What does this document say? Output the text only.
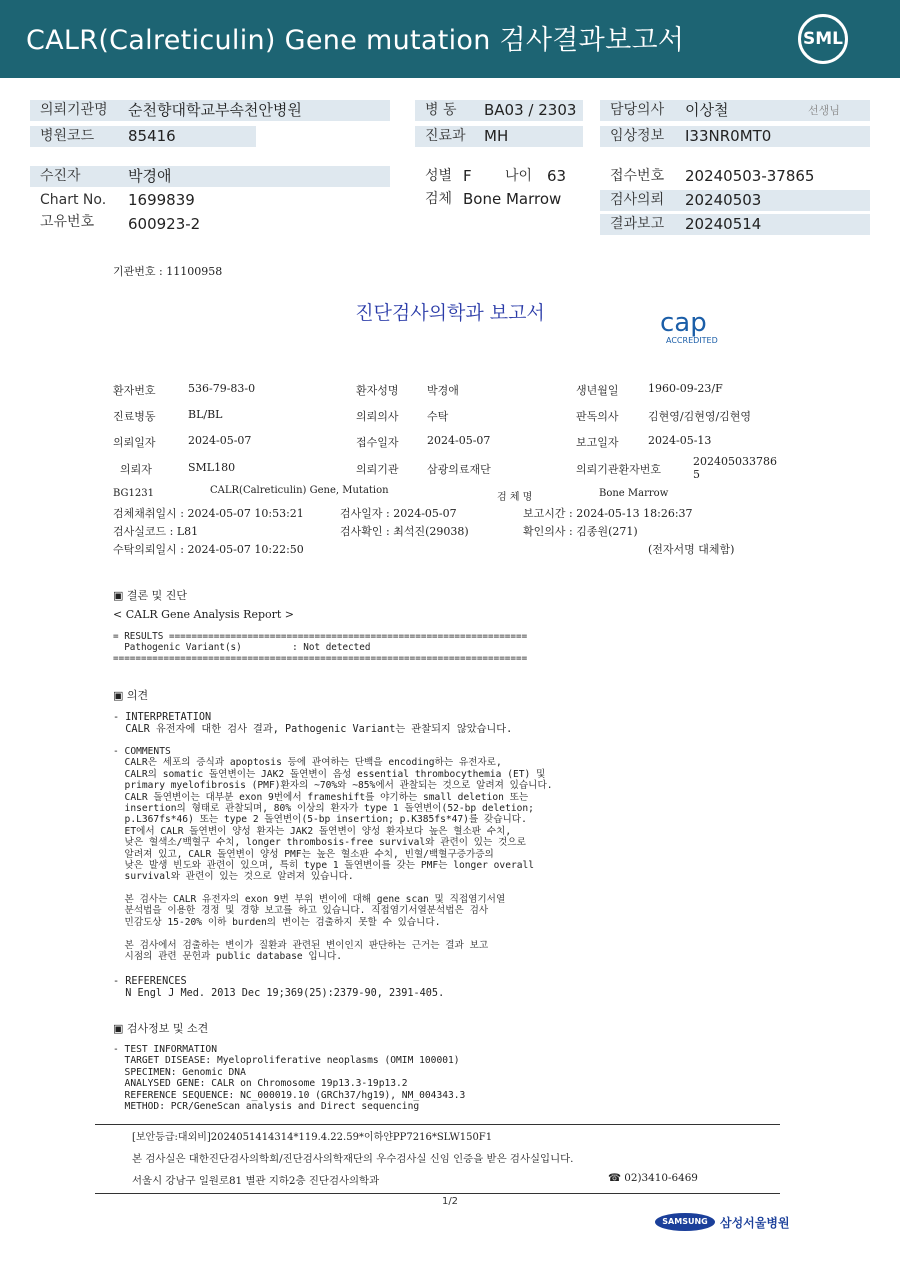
CALR(Calreticulin) Gene mutation 검사결과보고서	SML
의뢰기관명 순천향대학교부속천안병원
병원코드 85416
병 동 BA03 / 2303
진료과 MH
담당의사 이상철	선생님
임상정보 I33NR0MT0
수진자	박경애
Chart No. 1699839
고유번호 600923-2
성별 F 나이 63
검체 Bone Marrow
접수번호 20240503-37865
검사의뢰 20240503
결과보고 20240514
기관번호 : 11100958
진단검사의학과 보고서	cap
ACCREDITED
환자번호	536-79-83-0	환자성명	박경애	생년월일	1960-09-23/F
진료병동	BL/BL	의뢰의사	수탁	판독의사	김현영/김현영/김현영
의뢰일자	2024-05-07	접수일자	2024-05-07	보고일자	2024-05-13
의뢰자	SML180	의뢰기관	삼광의료재단	의뢰기관환자번호
202405033786
5
BG1231	CALR(Calreticulin) Gene, Mutation
검 체 명	Bone Marrow
검체채취일시 : 2024-05-07 10:53:21	검사일자 : 2024-05-07	보고시간 : 2024-05-13 18:26:37
검사실코드 : L81	검사확인 : 최석진(29038)	확인의사 : 김종원(271)
수탁의뢰일시 : 2024-05-07 10:22:50	(전자서명 대체함)
▣ 결론 및 진단
< CALR Gene Analysis Report >
= RESULTS ================================================================
Pathogenic Variant(s)         : Not detected
==========================================================================
▣ 의견
- INTERPRETATION
CALR 유전자에 대한 검사 결과, Pathogenic Variant는 관찰되지 않았습니다.
- COMMENTS
CALR은 세포의 증식과 apoptosis 등에 관여하는 단백을 encoding하는 유전자로,
CALR의 somatic 돌연변이는 JAK2 돌연변이 음성 essential thrombocythemia (ET) 및
primary myelofibrosis (PMF)환자의 ~70%와 ~85%에서 관찰되는 것으로 알려져 있습니다.
CALR 돌연변이는 대부분 exon 9번에서 frameshift를 야기하는 small deletion 또는
insertion의 형태로 관찰되며, 80% 이상의 환자가 type 1 돌연변이(52-bp deletion;
p.L367fs*46) 또는 type 2 돌연변이(5-bp insertion; p.K385fs*47)를 갖습니다.
ET에서 CALR 돌연변이 양성 환자는 JAK2 돌연변이 양성 환자보다 높은 혈소판 수치,
낮은 혈색소/백혈구 수치, longer thrombosis-free survival와 관련이 있는 것으로
알려져 있고, CALR 돌연변이 양성 PMF는 높은 혈소판 수치, 빈혈/백혈구증가증의
낮은 발생 빈도와 관련이 있으며, 특히 type 1 돌연변이를 갖는 PMF는 longer overall
survival와 관련이 있는 것으로 알려져 있습니다.
본 검사는 CALR 유전자의 exon 9번 부위 변이에 대해 gene scan 및 직접염기서열
분석법을 이용한 경정 및 경향 보고를 하고 있습니다. 직접염기서열분석법은 검사
민감도상 15-20% 이하 burden의 변이는 검출하지 못할 수 있습니다.
본 검사에서 검출하는 변이가 질환과 관련된 변이인지 판단하는 근거는 결과 보고
시점의 관련 문헌과 public database 입니다.
- REFERENCES
N Engl J Med. 2013 Dec 19;369(25):2379-90, 2391-405.
▣ 검사정보 및 소견
- TEST INFORMATION
TARGET DISEASE: Myeloproliferative neoplasms (OMIM 100001)
SPECIMEN: Genomic DNA
ANALYSED GENE: CALR on Chromosome 19p13.3-19p13.2
REFERENCE SEQUENCE: NC_000019.10 (GRCh37/hg19), NM_004343.3
METHOD: PCR/GeneScan analysis and Direct sequencing
[보안등급:대외비]2024051414314*119.4.22.59*이하얀PP7216*SLW150F1
본 검사실은 대한진단검사의학회/진단검사의학재단의 우수검사실 신임 인증을 받은 검사실입니다.
서울시 강남구 일원로81 별관 지하2층 진단검사의학과	☎ 02)3410-6469
1/2
SAMSUNG	삼성서울병원
